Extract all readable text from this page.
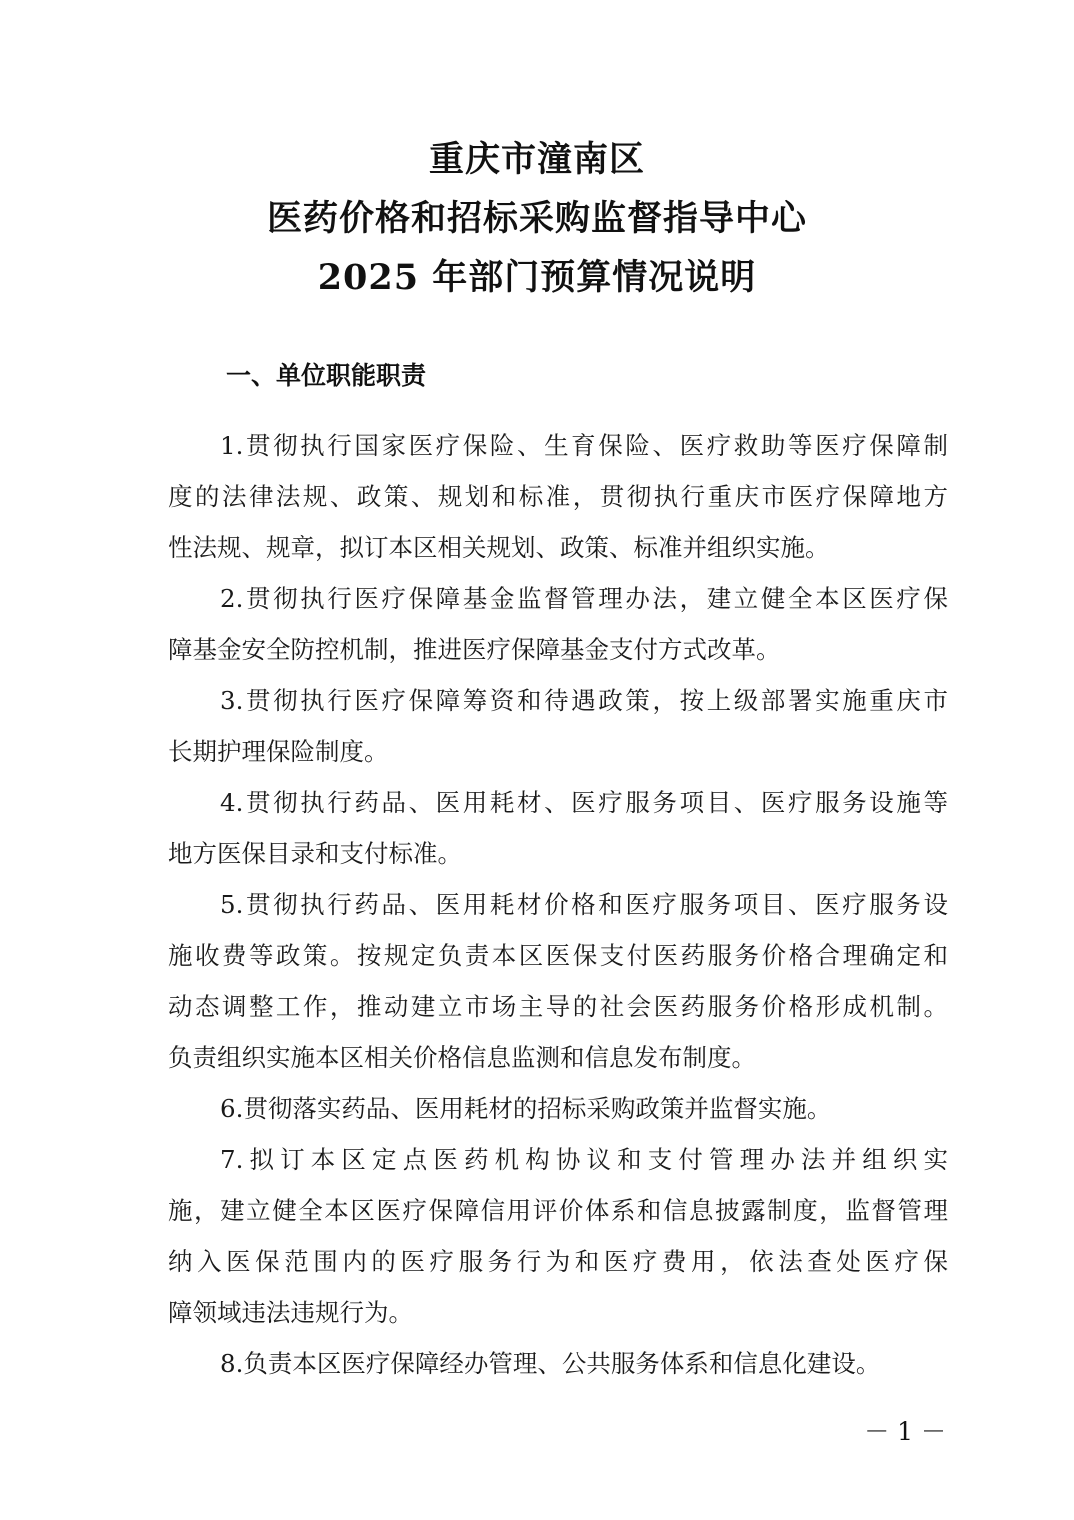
重庆市潼南区
医药价格和招标采购监督指导中心
2025 年部门预算情况说明
一、单位职能职责

1.贯彻执行国家医疗保险、生育保险、医疗救助等医疗保障制
度的法律法规、政策、规划和标准，贯彻执行重庆市医疗保障地方
性法规、规章，拟订本区相关规划、政策、标准并组织实施。

2.贯彻执行医疗保障基金监督管理办法，建立健全本区医疗保
障基金安全防控机制，推进医疗保障基金支付方式改革。

3.贯彻执行医疗保障筹资和待遇政策，按上级部署实施重庆市
长期护理保险制度。

4.贯彻执行药品、医用耗材、医疗服务项目、医疗服务设施等
地方医保目录和支付标准。

5.贯彻执行药品、医用耗材价格和医疗服务项目、医疗服务设
施收费等政策。按规定负责本区医保支付医药服务价格合理确定和
动态调整工作，推动建立市场主导的社会医药服务价格形成机制。
负责组织实施本区相关价格信息监测和信息发布制度。

6.贯彻落实药品、医用耗材的招标采购政策并监督实施。

7.拟订本区定点医药机构协议和支付管理办法并组织实
施，建立健全本区医疗保障信用评价体系和信息披露制度，监督管理
纳入医保范围内的医疗服务行为和医疗费用，依法查处医疗保
障领域违法违规行为。

8.负责本区医疗保障经办管理、公共服务体系和信息化建设。

－ 1 －
